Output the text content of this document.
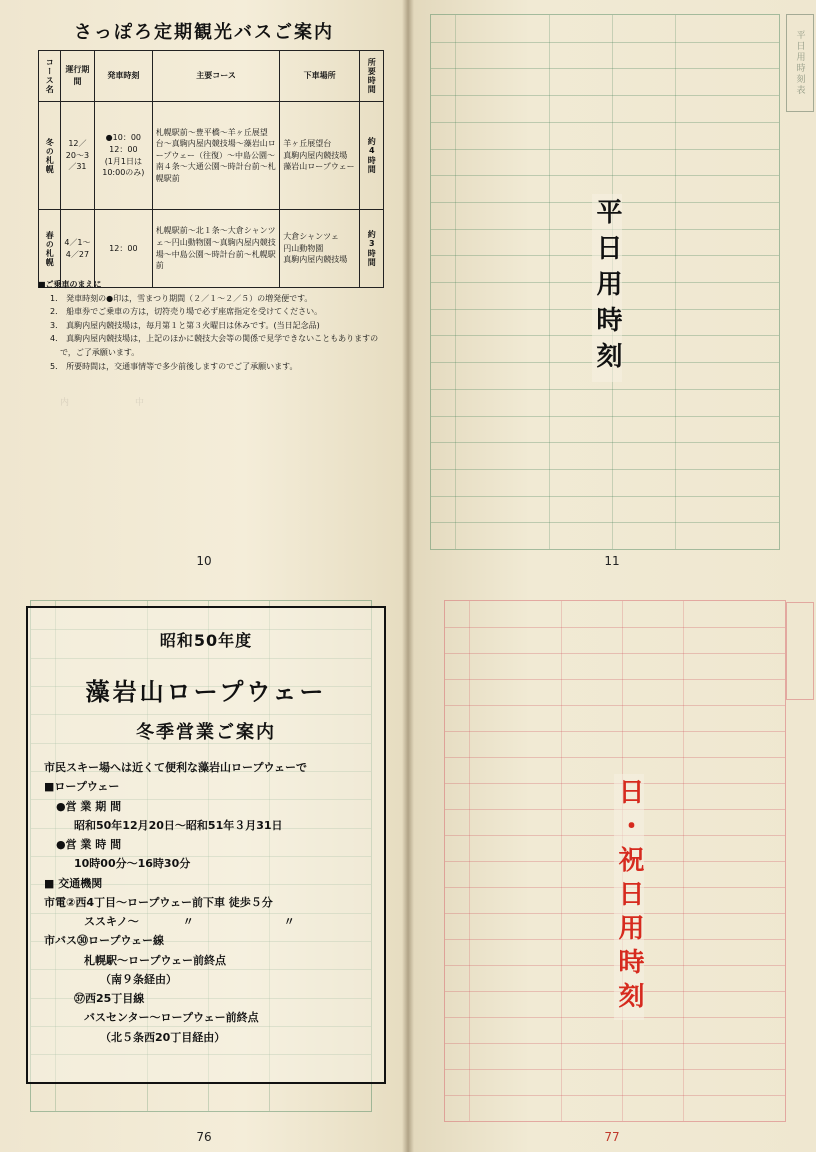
内　　　　中

さっぽろ定期観光バスご案内
コース名	運行期間	発車時刻	主要コース	下車場所	所要時間

冬の札幌	12／20〜3／31	●10：00
12：00
(1月1日は10:00のみ)	札幌駅前〜豊平橋〜羊ヶ丘展望台〜真駒内屋内競技場〜藻岩山ロープウェー（往復）〜中島公園〜南４条〜大通公園〜時計台前〜札幌駅前	羊ヶ丘展望台
真駒内屋内競技場
藻岩山ロープウェー	約4時間

春の札幌	4／1〜4／27	12：00	札幌駅前〜北１条〜大倉シャンツェ〜円山動物園〜真駒内屋内競技場〜中島公園〜時計台前〜札幌駅前	大倉シャンツェ
円山動物園
真駒内屋内競技場	約3時間
■ご乗車のまえに
1． 発車時刻の●印は，雪まつり期間（２／１〜２／５）の増発便です。
2． 船車券でご乗車の方は，切符売り場で必ず座席指定を受けてください。
3． 真駒内屋内競技場は，毎月第１と第３火曜日は休みです。(当日記念品)
4． 真駒内屋内競技場は，上記のほかに競技大会等の関係で見学できないこともありますので，ご了承願います。
5． 所要時間は，交通事情等で多少前後しますのでご了承願います。
10
平日用時刻表
11
平日用時刻
昭和50年度
藻岩山ロープウェー
冬季営業ご案内
市民スキー場へは近くて便利な藻岩山ロープウェーで
■ロープウェー
●営 業 期 間
昭和50年12月20日〜昭和51年３月31日
●営 業 時 間
10時00分〜16時30分
■ 交通機関
市電②西4丁目〜ロープウェー前下車 徒歩５分
ススキノ〜	〃	〃
市バス㉚ロープウェー線
札幌駅〜ロープウェー前終点
（南９条経由）
㊲西25丁目線
バスセンター〜ロープウェー前終点
（北５条西20丁目経由）
76	77
日・祝日用時刻
